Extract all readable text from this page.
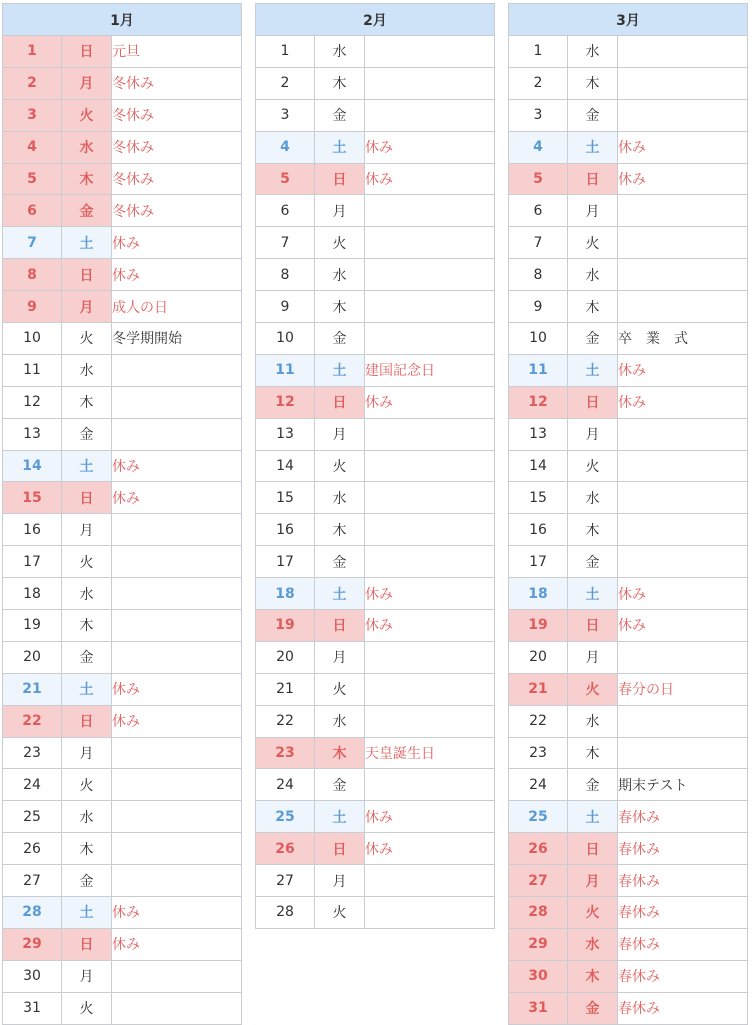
1月		
1	日	元旦
2	月	冬休み
3	火	冬休み
4	水	冬休み
5	木	冬休み
6	金	冬休み
7	土	休み
8	日	休み
9	月	成人の日
10	火	冬学期開始
11	水	
12	木	
13	金	
14	土	休み
15	日	休み
16	月	
17	火	
18	水	
19	木	
20	金	
21	土	休み
22	日	休み
23	月	
24	火	
25	水	
26	木	
27	金	
28	土	休み
29	日	休み
30	月	
31	火	
2月		
1	水	
2	木	
3	金	
4	土	休み
5	日	休み
6	月	
7	火	
8	水	
9	木	
10	金	
11	土	建国記念日
12	日	休み
13	月	
14	火	
15	水	
16	木	
17	金	
18	土	休み
19	日	休み
20	月	
21	火	
22	水	
23	木	天皇誕生日
24	金	
25	土	休み
26	日	休み
27	月	
28	火	
3月		
1	水	
2	木	
3	金	
4	土	休み
5	日	休み
6	月	
7	火	
8	水	
9	木	
10	金	卒　業　式
11	土	休み
12	日	休み
13	月	
14	火	
15	水	
16	木	
17	金	
18	土	休み
19	日	休み
20	月	
21	火	春分の日
22	水	
23	木	
24	金	期末テスト
25	土	春休み
26	日	春休み
27	月	春休み
28	火	春休み
29	水	春休み
30	木	春休み
31	金	春休み
